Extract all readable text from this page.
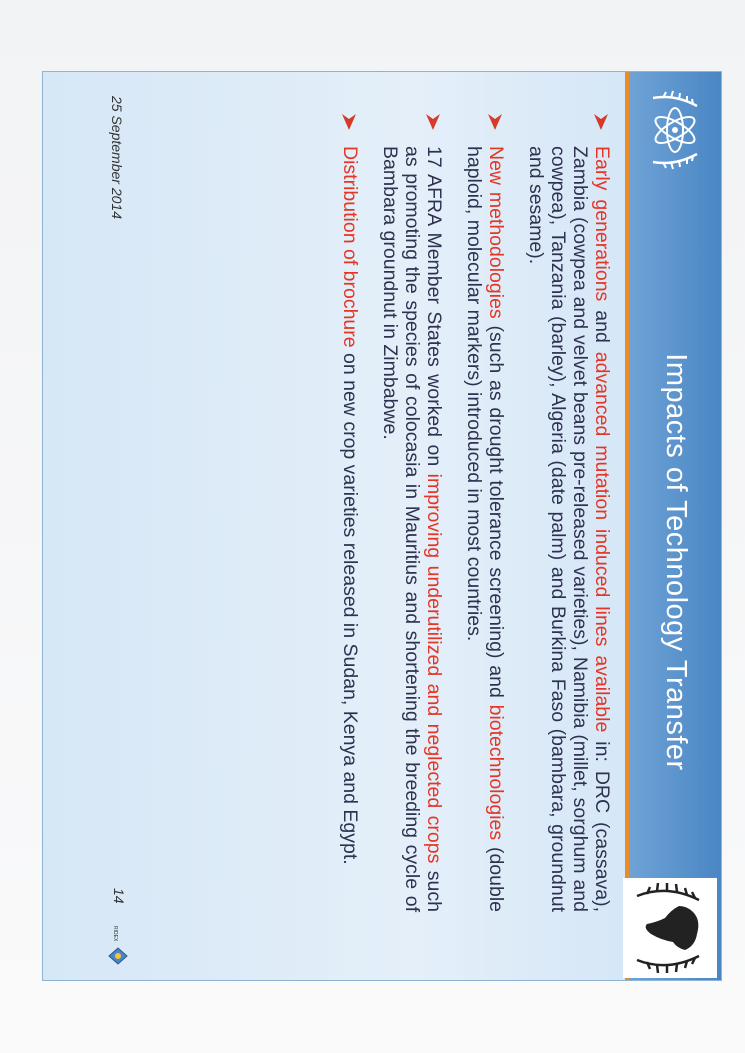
Impacts of Technology Transfer
Early generations and advanced mutation induced lines available in: DRC (cassava), Zambia (cowpea and velvet beans pre-released varieties), Namibia (millet, sorghum and cowpea), Tanzania (barley), Algeria (date palm) and Burkina Faso (bambara, groundnut and sesame).
New methodologies (such as drought tolerance screening) and biotechnologies (double haploid, molecular markers) introduced in most countries.
17 AFRA Member States worked on improving underutilized and neglected crops such as promoting the species of colocasia in Mauritius and shortening the breeding cycle of Bambara groundnut in Zimbabwe.
Distribution of brochure on new crop varieties released in Sudan, Kenya and Egypt.
25 September 2014
14
RIDEX
